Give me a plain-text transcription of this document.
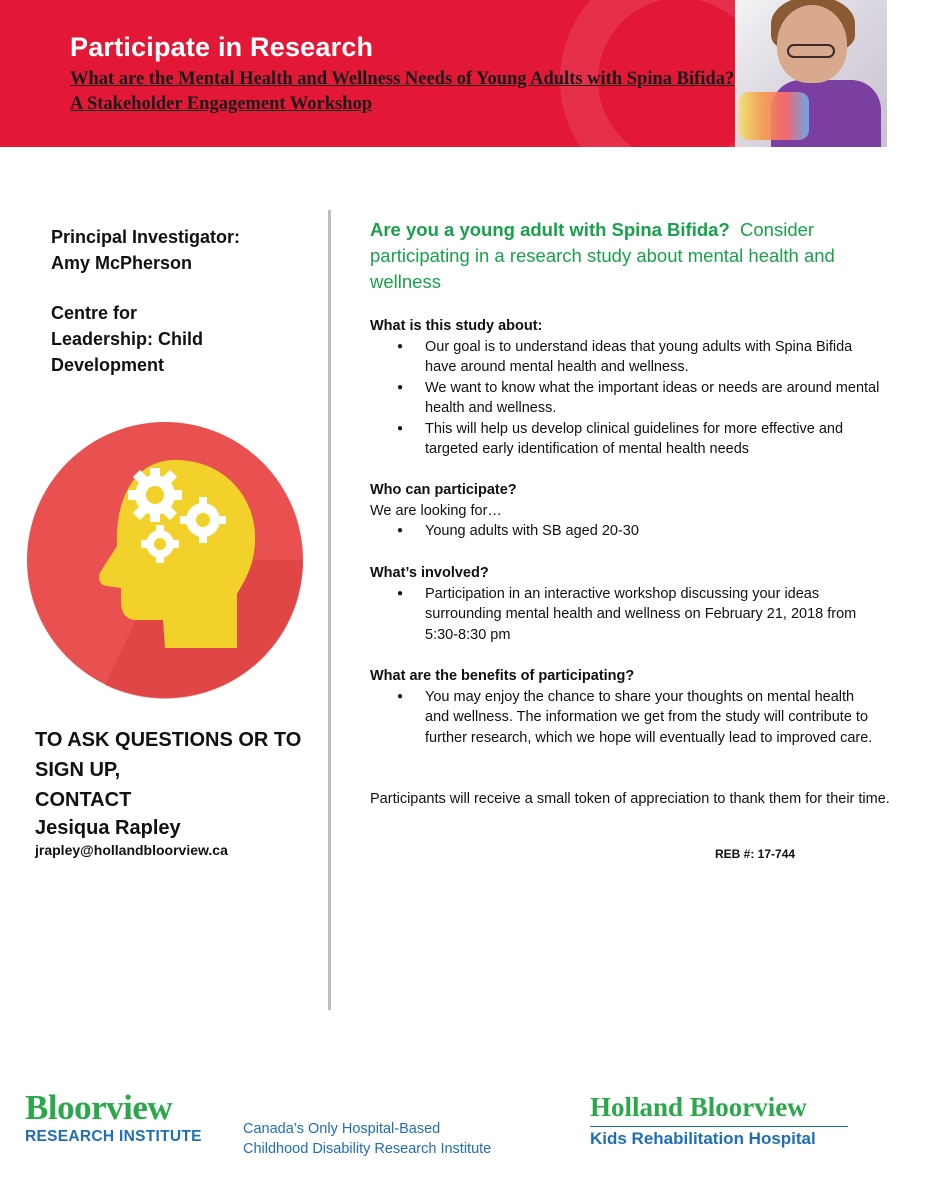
Participate in Research
What are the Mental Health and Wellness Needs of Young Adults with Spina Bifida? A Stakeholder Engagement Workshop
Principal Investigator:
Amy McPherson
Centre for
Leadership: Child
Development
TO ASK QUESTIONS OR TO
SIGN UP,
CONTACT
Jesiqua Rapley
jrapley@hollandbloorview.ca
Are you a young adult with Spina Bifida?  Consider participating in a research study about mental health and wellness
What is this study about:
● Our goal is to understand ideas that young adults with Spina Bifida have around mental health and wellness.
● We want to know what the important ideas or needs are around mental health and wellness.
● This will help us develop clinical guidelines for more effective and targeted early identification of mental health needs
Who can participate?

We are looking for…

● Young adults with SB aged 20-30
What’s involved?
● Participation in an interactive workshop discussing your ideas surrounding mental health and wellness on February 21, 2018 from 5:30-8:30 pm
What are the benefits of participating?
● You may enjoy the chance to share your thoughts on mental health and wellness. The information we get from the study will contribute to further research, which we hope will eventually lead to improved care.

Participants will receive a small token of appreciation to thank them for their time.

REB #: 17-744
Bloorview
RESEARCH INSTITUTE	Canada’s Only Hospital-Based
Childhood Disability Research Institute
Holland Bloorview
Kids Rehabilitation Hospital
